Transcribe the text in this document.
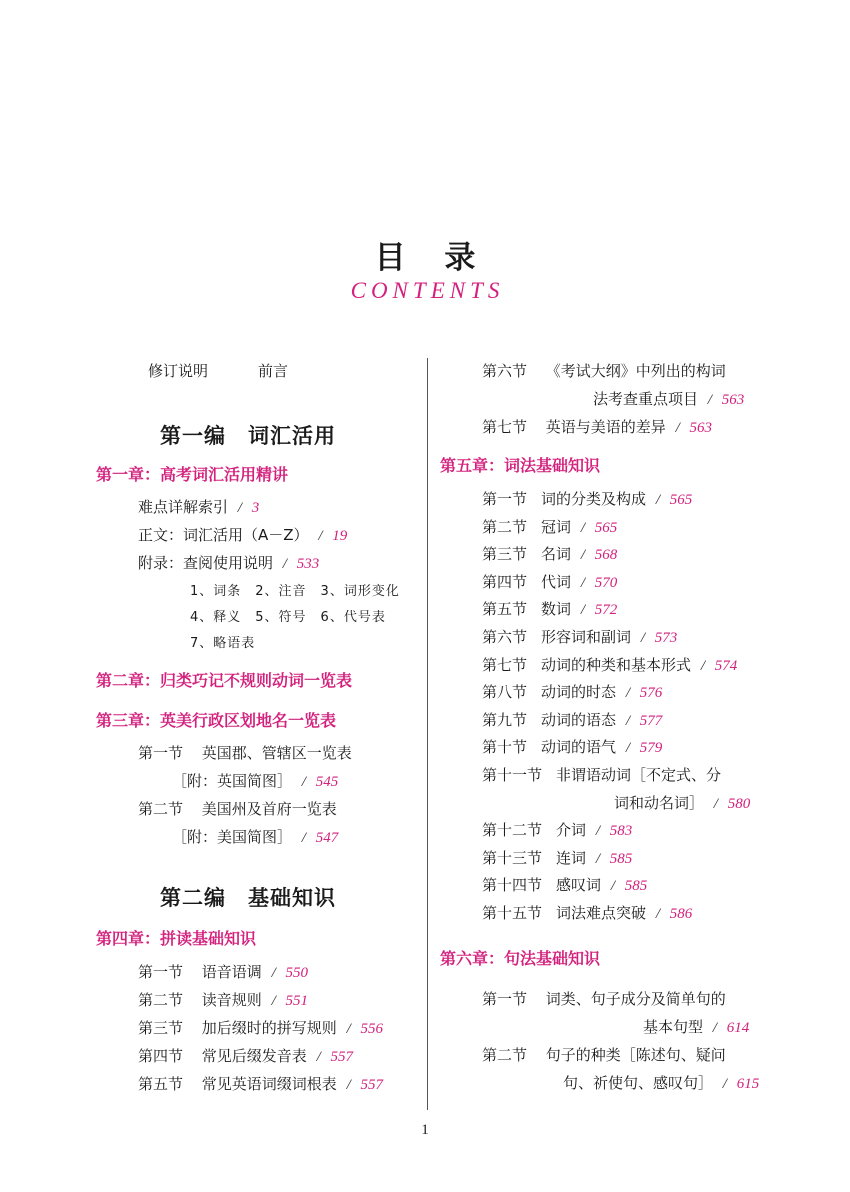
目 录
CONTENTS
修订说明	前言
第一编　词汇活用
第一章：高考词汇活用精讲
难点详解索引 / 3
正文：词汇活用（A－Z） / 19
附录：查阅使用说明 / 533
1、词条　2、注音　3、词形变化
4、释义　5、符号　6、代号表
7、略语表
第二章：归类巧记不规则动词一览表
第三章：英美行政区划地名一览表
第一节 英国郡、管辖区一览表
［附：英国简图］ / 545
第二节 美国州及首府一览表
［附：美国简图］ / 547
第二编　基础知识
第四章：拼读基础知识
第一节 语音语调 / 550
第二节 读音规则 / 551
第三节 加后缀时的拼写规则 / 556
第四节 常见后缀发音表 / 557
第五节 常见英语词缀词根表 / 557
第六节 《考试大纲》中列出的构词
法考查重点项目 / 563
第七节 英语与美语的差异 / 563
第五章：词法基础知识
第一节 词的分类及构成 / 565
第二节 冠词 / 565
第三节 名词 / 568
第四节 代词 / 570
第五节 数词 / 572
第六节 形容词和副词 / 573
第七节 动词的种类和基本形式 / 574
第八节 动词的时态 / 576
第九节 动词的语态 / 577
第十节 动词的语气 / 579
第十一节 非谓语动词［不定式、分
词和动名词］ / 580
第十二节 介词 / 583
第十三节 连词 / 585
第十四节 感叹词 / 585
第十五节 词法难点突破 / 586
第六章：句法基础知识
第一节 词类、句子成分及简单句的
基本句型 / 614
第二节 句子的种类［陈述句、疑问
句、祈使句、感叹句］ / 615
1
